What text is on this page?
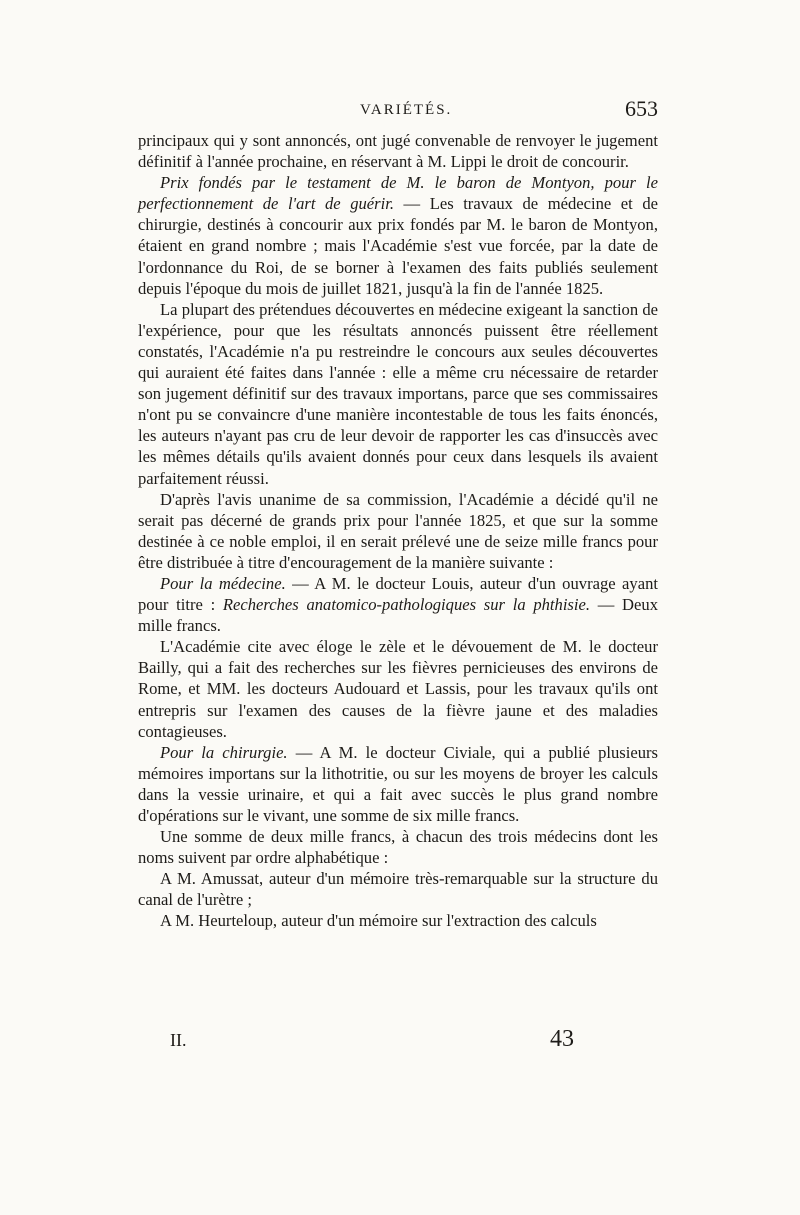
VARIÉTÉS.	653

principaux qui y sont annoncés, ont jugé convenable de renvoyer le jugement définitif à l'année prochaine, en réservant à M. Lippi le droit de concourir.

Prix fondés par le testament de M. le baron de Montyon, pour le perfectionnement de l'art de guérir. — Les travaux de médecine et de chirurgie, destinés à concourir aux prix fondés par M. le baron de Montyon, étaient en grand nombre ; mais l'Académie s'est vue forcée, par la date de l'ordonnance du Roi, de se borner à l'examen des faits publiés seulement depuis l'époque du mois de juillet 1821, jusqu'à la fin de l'année 1825.

La plupart des prétendues découvertes en médecine exigeant la sanction de l'expérience, pour que les résultats annoncés puissent être réellement constatés, l'Académie n'a pu restreindre le concours aux seules découvertes qui auraient été faites dans l'année : elle a même cru nécessaire de retarder son jugement définitif sur des travaux importans, parce que ses commissaires n'ont pu se convaincre d'une manière incontestable de tous les faits énoncés, les auteurs n'ayant pas cru de leur devoir de rapporter les cas d'insuccès avec les mêmes détails qu'ils avaient donnés pour ceux dans lesquels ils avaient parfaitement réussi.

D'après l'avis unanime de sa commission, l'Académie a décidé qu'il ne serait pas décerné de grands prix pour l'année 1825, et que sur la somme destinée à ce noble emploi, il en serait prélevé une de seize mille francs pour être distribuée à titre d'encouragement de la manière suivante :

Pour la médecine. — A M. le docteur Louis, auteur d'un ouvrage ayant pour titre : Recherches anatomico-pathologiques sur la phthisie. — Deux mille francs.

L'Académie cite avec éloge le zèle et le dévouement de M. le docteur Bailly, qui a fait des recherches sur les fièvres pernicieuses des environs de Rome, et MM. les docteurs Audouard et Lassis, pour les travaux qu'ils ont entrepris sur l'examen des causes de la fièvre jaune et des maladies contagieuses.

Pour la chirurgie. — A M. le docteur Civiale, qui a publié plusieurs mémoires importans sur la lithotritie, ou sur les moyens de broyer les calculs dans la vessie urinaire, et qui a fait avec succès le plus grand nombre d'opérations sur le vivant, une somme de six mille francs.

Une somme de deux mille francs, à chacun des trois médecins dont les noms suivent par ordre alphabétique :

A M. Amussat, auteur d'un mémoire très-remarquable sur la structure du canal de l'urètre ;

A M. Heurteloup, auteur d'un mémoire sur l'extraction des calculs

II.	43
